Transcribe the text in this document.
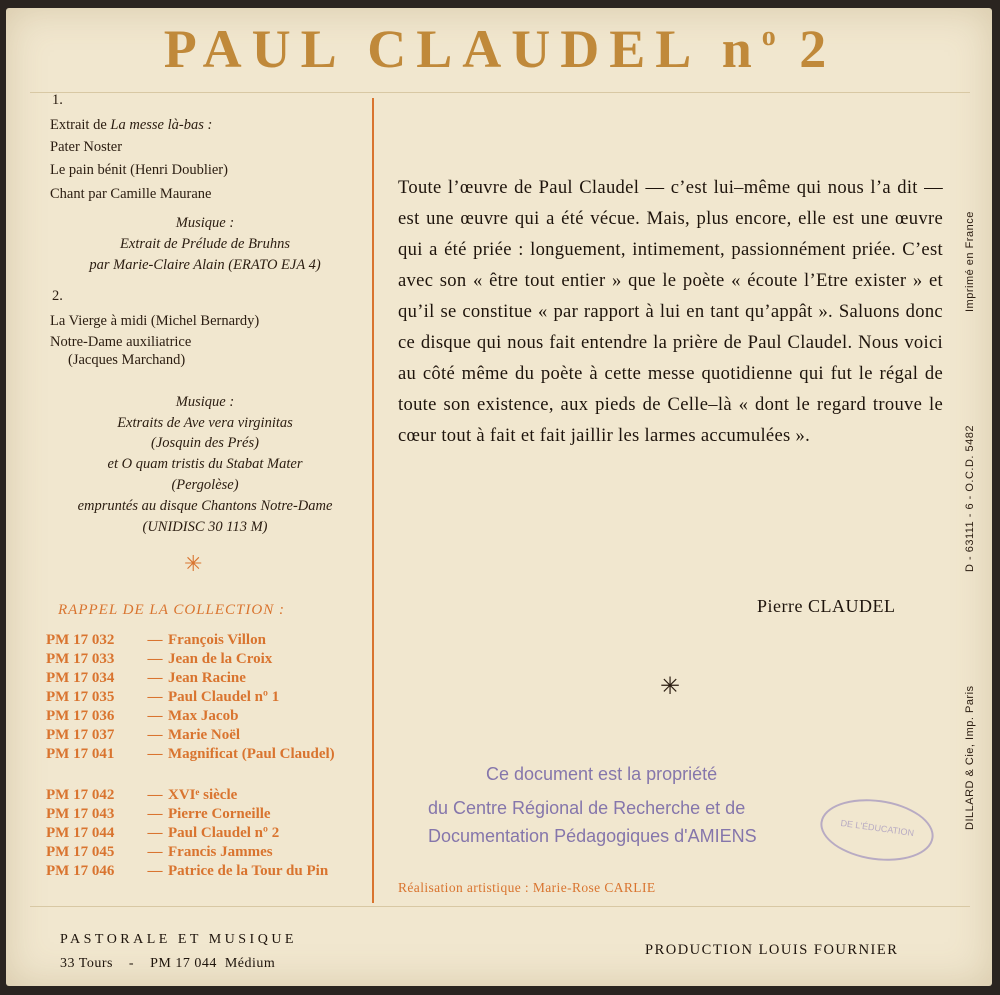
PAUL CLAUDEL $n^o$ 2
1.
Extrait de La messe là-bas :
Pater Noster
Le pain bénit (Henri Doublier)
Chant par Camille Maurane
Musique :
Extrait de Prélude de Bruhns
par Marie-Claire Alain (ERATO EJA 4)
2.
La Vierge à midi (Michel Bernardy)
Notre-Dame auxiliatrice
(Jacques Marchand)
Musique :
Extraits de Ave vera virginitas
(Josquin des Prés)
et O quam tristis du Stabat Mater
(Pergolèse)
empruntés au disque Chantons Notre-Dame
(UNIDISC 30 113 M)
✳
RAPPEL DE LA COLLECTION :
PM 17 032 — François Villon
PM 17 033 — Jean de la Croix
PM 17 034 — Jean Racine
PM 17 035 — Paul Claudel nº 1
PM 17 036 — Max Jacob
PM 17 037 — Marie Noël
PM 17 041 — Magnificat (Paul Claudel)
PM 17 042 — XVIᵉ siècle
PM 17 043 — Pierre Corneille
PM 17 044 — Paul Claudel nº 2
PM 17 045 — Francis Jammes
PM 17 046 — Patrice de la Tour du Pin
Toute l’œuvre de Paul Claudel — c’est lui–même qui nous l’a dit — est une œuvre qui a été vécue. Mais, plus encore, elle est une œuvre qui a été priée : longuement, intimement, passionnément priée. C’est avec son « être tout entier » que le poète « écoute l’Etre exister » et qu’il se constitue « par rapport à lui en tant qu’appât ». Saluons donc ce disque qui nous fait entendre la prière de Paul Claudel. Nous voici au côté même du poète à cette messe quotidienne qui fut le régal de toute son existence, aux pieds de Celle–là « dont le regard trouve le cœur tout à fait et fait jaillir les larmes accumulées ».
Pierre CLAUDEL
✳
Ce document est la propriété
du Centre Régional de Recherche et de
Documentation Pédagogiques d'AMIENS	DE L'ÉDUCATION
Réalisation artistique : Marie-Rose CARLIE
Imprimé en France
D - 63111 - 6 - O.C.D. 5482
DILLARD & Cie, Imp. Paris
PASTORALE ET MUSIQUE
33 Tours    -    PM 17 044  Médium
PRODUCTION LOUIS FOURNIER
